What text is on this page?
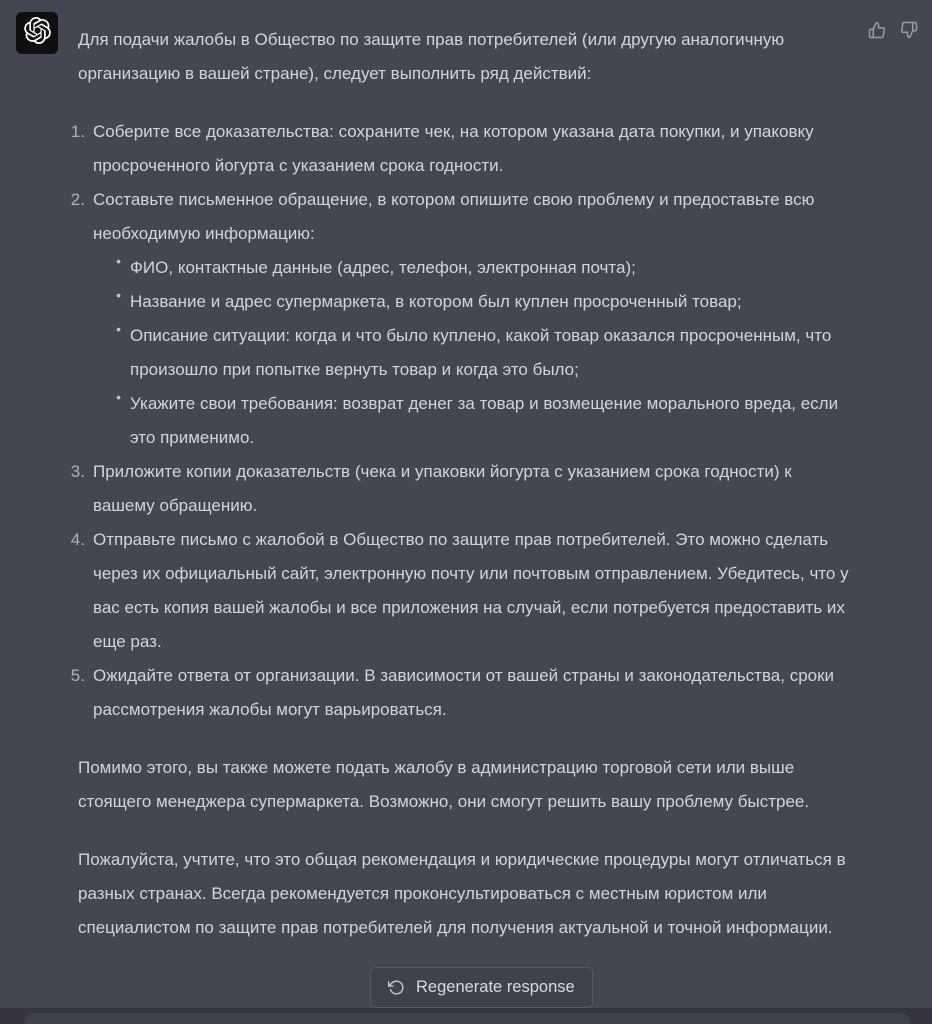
Для подачи жалобы в Общество по защите прав потребителей (или другую аналогичную организацию в вашей стране), следует выполнить ряд действий:

Соберите все доказательства: сохраните чек, на котором указана дата покупки, и упаковку просроченного йогурта с указанием срока годности.
Составьте письменное обращение, в котором опишите свою проблему и предоставьте всю необходимую информацию:
• ФИО, контактные данные (адрес, телефон, электронная почта);
• Название и адрес супермаркета, в котором был куплен просроченный товар;
• Описание ситуации: когда и что было куплено, какой товар оказался просроченным, что произошло при попытке вернуть товар и когда это было;
• Укажите свои требования: возврат денег за товар и возмещение морального вреда, если это применимо.
Приложите копии доказательств (чека и упаковки йогурта с указанием срока годности) к вашему обращению.
Отправьте письмо с жалобой в Общество по защите прав потребителей. Это можно сделать через их официальный сайт, электронную почту или почтовым отправлением. Убедитесь, что у вас есть копия вашей жалобы и все приложения на случай, если потребуется предоставить их еще раз.
Ожидайте ответа от организации. В зависимости от вашей страны и законодательства, сроки рассмотрения жалобы могут варьироваться.

Помимо этого, вы также можете подать жалобу в администрацию торговой сети или выше стоящего менеджера супермаркета. Возможно, они смогут решить вашу проблему быстрее.

Пожалуйста, учтите, что это общая рекомендация и юридические процедуры могут отличаться в разных странах. Всегда рекомендуется проконсультироваться с местным юристом или специалистом по защите прав потребителей для получения актуальной и точной информации.

Regenerate response
